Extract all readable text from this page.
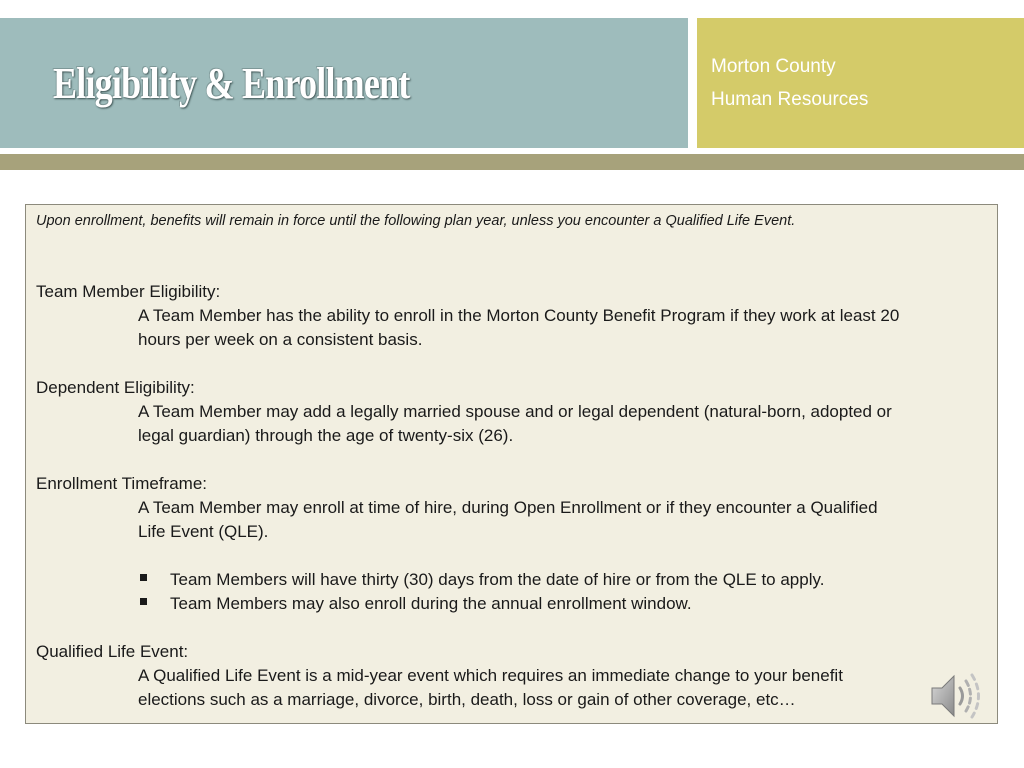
Eligibility & Enrollment	Morton County
Human Resources
Upon enrollment, benefits will remain in force until the following plan year, unless you encounter a Qualified Life Event.
Team Member Eligibility:
A Team Member has the ability to enroll in the Morton County Benefit Program if they work at least 20
hours per week on a consistent basis.
Dependent Eligibility:
A Team Member may add a legally married spouse and or legal dependent (natural-born, adopted or
legal guardian) through the age of twenty-six (26).
Enrollment Timeframe:
A Team Member may enroll at time of hire, during Open Enrollment or if they encounter a Qualified
Life Event (QLE).
Team Members will have thirty (30) days from the date of hire or from the QLE to apply.
Team Members may also enroll during the annual enrollment window.
Qualified Life Event:
A Qualified Life Event is a mid-year event which requires an immediate change to your benefit
elections such as a marriage, divorce, birth, death, loss or gain of other coverage, etc…
